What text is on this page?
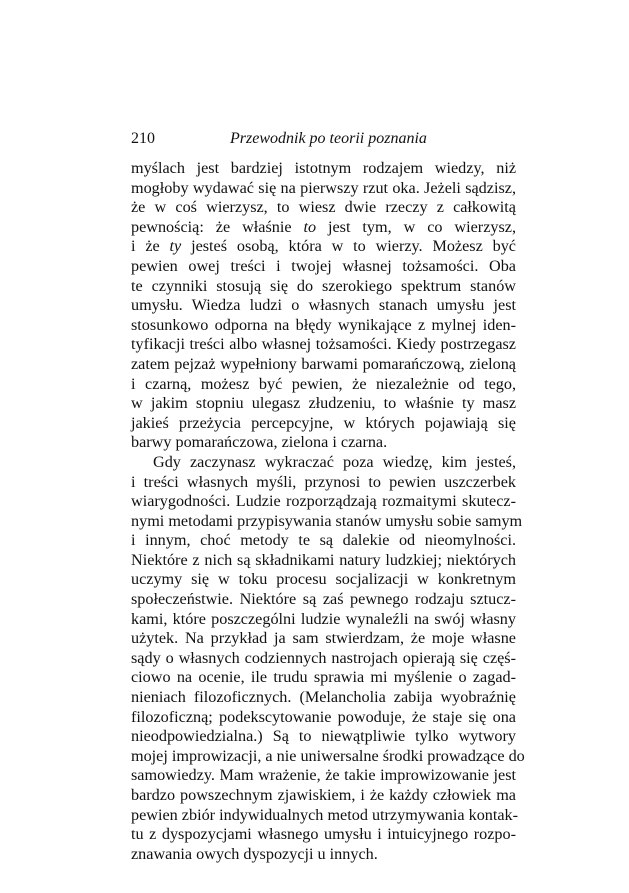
210	Przewodnik po teorii poznania
myślach jest bardziej istotnym rodzajem wiedzy, niż
mogłoby wydawać się na pierwszy rzut oka. Jeżeli sądzisz,
że w coś wierzysz, to wiesz dwie rzeczy z całkowitą
pewnością: że właśnie to jest tym, w co wierzysz,
i że ty jesteś osobą, która w to wierzy. Możesz być
pewien owej treści i twojej własnej tożsamości. Oba
te czynniki stosują się do szerokiego spektrum stanów
umysłu. Wiedza ludzi o własnych stanach umysłu jest
stosunkowo odporna na błędy wynikające z mylnej iden-
tyfikacji treści albo własnej tożsamości. Kiedy postrzegasz
zatem pejzaż wypełniony barwami pomarańczową, zieloną
i czarną, możesz być pewien, że niezależnie od tego,
w jakim stopniu ulegasz złudzeniu, to właśnie ty masz
jakieś przeżycia percepcyjne, w których pojawiają się
barwy pomarańczowa, zielona i czarna.
Gdy zaczynasz wykraczać poza wiedzę, kim jesteś,
i treści własnych myśli, przynosi to pewien uszczerbek
wiarygodności. Ludzie rozporządzają rozmaitymi skutecz-
nymi metodami przypisywania stanów umysłu sobie samym
i innym, choć metody te są dalekie od nieomylności.
Niektóre z nich są składnikami natury ludzkiej; niektórych
uczymy się w toku procesu socjalizacji w konkretnym
społeczeństwie. Niektóre są zaś pewnego rodzaju sztucz-
kami, które poszczególni ludzie wynaleźli na swój własny
użytek. Na przykład ja sam stwierdzam, że moje własne
sądy o własnych codziennych nastrojach opierają się częś-
ciowo na ocenie, ile trudu sprawia mi myślenie o zagad-
nieniach filozoficznych. (Melancholia zabija wyobraźnię
filozoficzną; podekscytowanie powoduje, że staje się ona
nieodpowiedzialna.) Są to niewątpliwie tylko wytwory
mojej improwizacji, a nie uniwersalne środki prowadzące do
samowiedzy. Mam wrażenie, że takie improwizowanie jest
bardzo powszechnym zjawiskiem, i że każdy człowiek ma
pewien zbiór indywidualnych metod utrzymywania kontak-
tu z dyspozycjami własnego umysłu i intuicyjnego rozpo-
znawania owych dyspozycji u innych.
